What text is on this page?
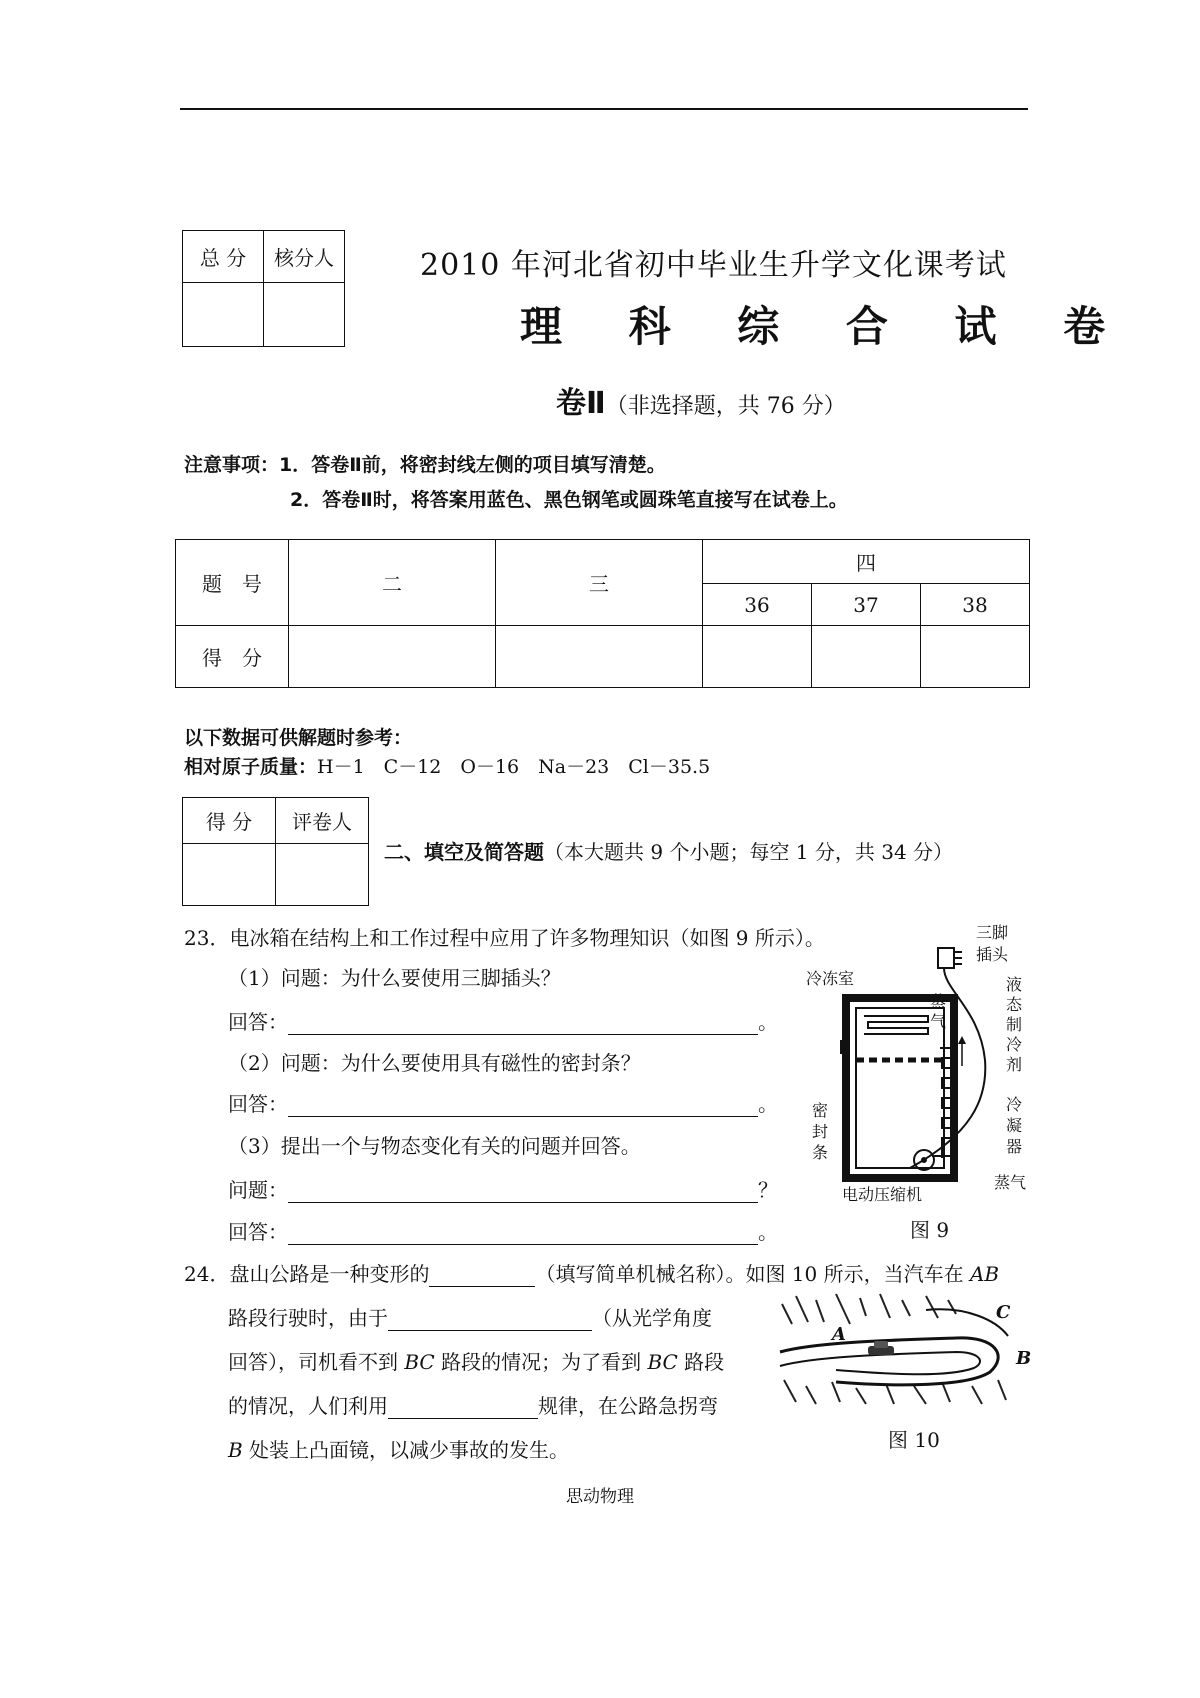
总 分	核分人
		2010 年河北省初中毕业生升学文化课考试
理 科 综 合 试 卷
卷Ⅱ（非选择题，共 76 分）
注意事项：1．答卷Ⅱ前，将密封线左侧的项目填写清楚。
2．答卷Ⅱ时，将答案用蓝色、黑色钢笔或圆珠笔直接写在试卷上。
题　号	二	三	四		
			36	37	38
得　分					
以下数据可供解题时参考：
相对原子质量：H－1　C－12　O－16　Na－23　Cl－35.5
得 分	评卷人

二、填空及简答题（本大题共 9 个小题；每空 1 分，共 34 分）
23．电冰箱在结构上和工作过程中应用了许多物理知识（如图 9 所示）。
（1）问题：为什么要使用三脚插头？
回答：	。
（2）问题：为什么要使用具有磁性的密封条？
回答：	。
（3）提出一个与物态变化有关的问题并回答。
问题：	？
回答：	。
三脚
插头
冷冻室
蒸
气
液
态
制
冷
剂
密
封
条
冷
凝
器
蒸气
电动压缩机
图 9
24．盘山公路是一种变形的	（填写简单机械名称）。如图 10 所示，当汽车在 AB
路段行驶时，由于	（从光学角度
回答），司机看不到 BC 路段的情况；为了看到 BC 路段
的情况，人们利用	规律，在公路急拐弯
B 处装上凸面镜，以减少事故的发生。
A
C
B
图 10
思动物理
